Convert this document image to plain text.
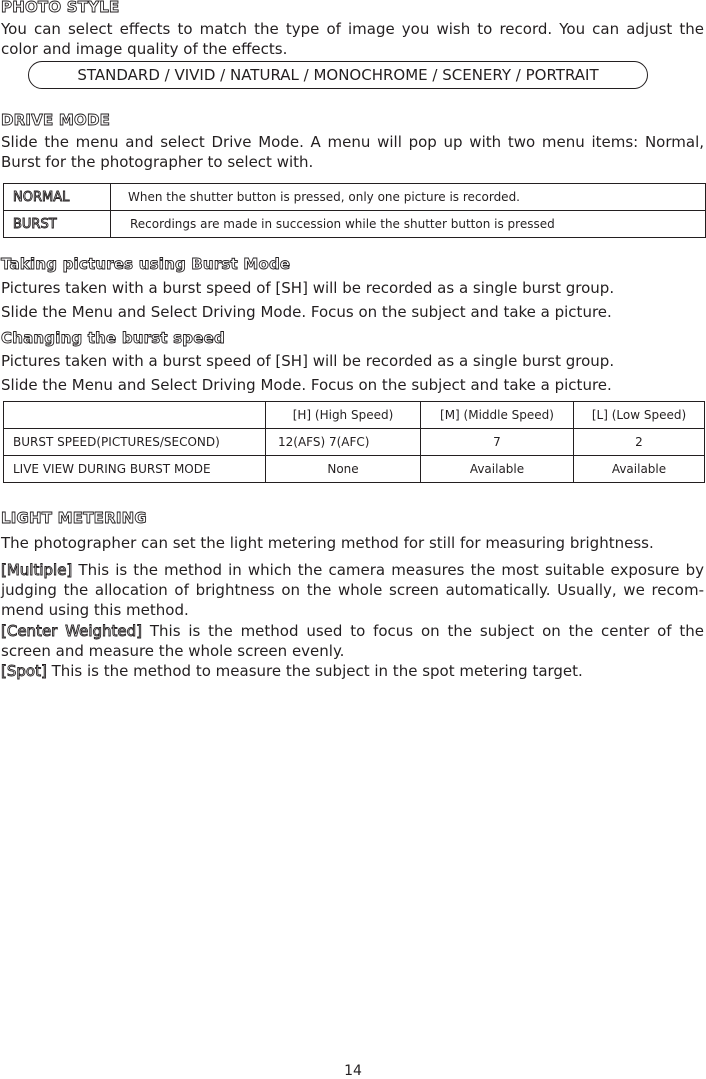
PHOTO STYLE

You can select effects to match the type of image you wish to record. You can adjust the color and image quality of the effects.

STANDARD / VIVID / NATURAL / MONOCHROME / SCENERY / PORTRAIT
DRIVE MODE

Slide the menu and select Drive Mode. A menu will pop up with two menu items: Normal, Burst for the photographer to select with.

NORMAL	When the shutter button is pressed, only one picture is recorded.
BURST	Recordings are made in succession while the shutter button is pressed
Taking pictures using Burst Mode

Pictures taken with a burst speed of [SH] will be recorded as a single burst group.

Slide the Menu and Select Driving Mode. Focus on the subject and take a picture.

Changing the burst speed

Pictures taken with a burst speed of [SH] will be recorded as a single burst group.

Slide the Menu and Select Driving Mode. Focus on the subject and take a picture.

	[H] (High Speed)	[M] (Middle Speed)	[L] (Low Speed)
BURST SPEED(PICTURES/SECOND)	12(AFS) 7(AFC)	7	2
LIVE VIEW DURING BURST MODE	None	Available	Available
LIGHT METERING

The photographer can set the light metering method for still for measuring brightness.

[Multiple] This is the method in which the camera measures the most suitable exposure by judging the allocation of brightness on the whole screen automatically. Usually, we recom-mend using this method.

[Center Weighted] This is the method used to focus on the subject on the center of the screen and measure the whole screen evenly.

[Spot] This is the method to measure the subject in the spot metering target.

14
